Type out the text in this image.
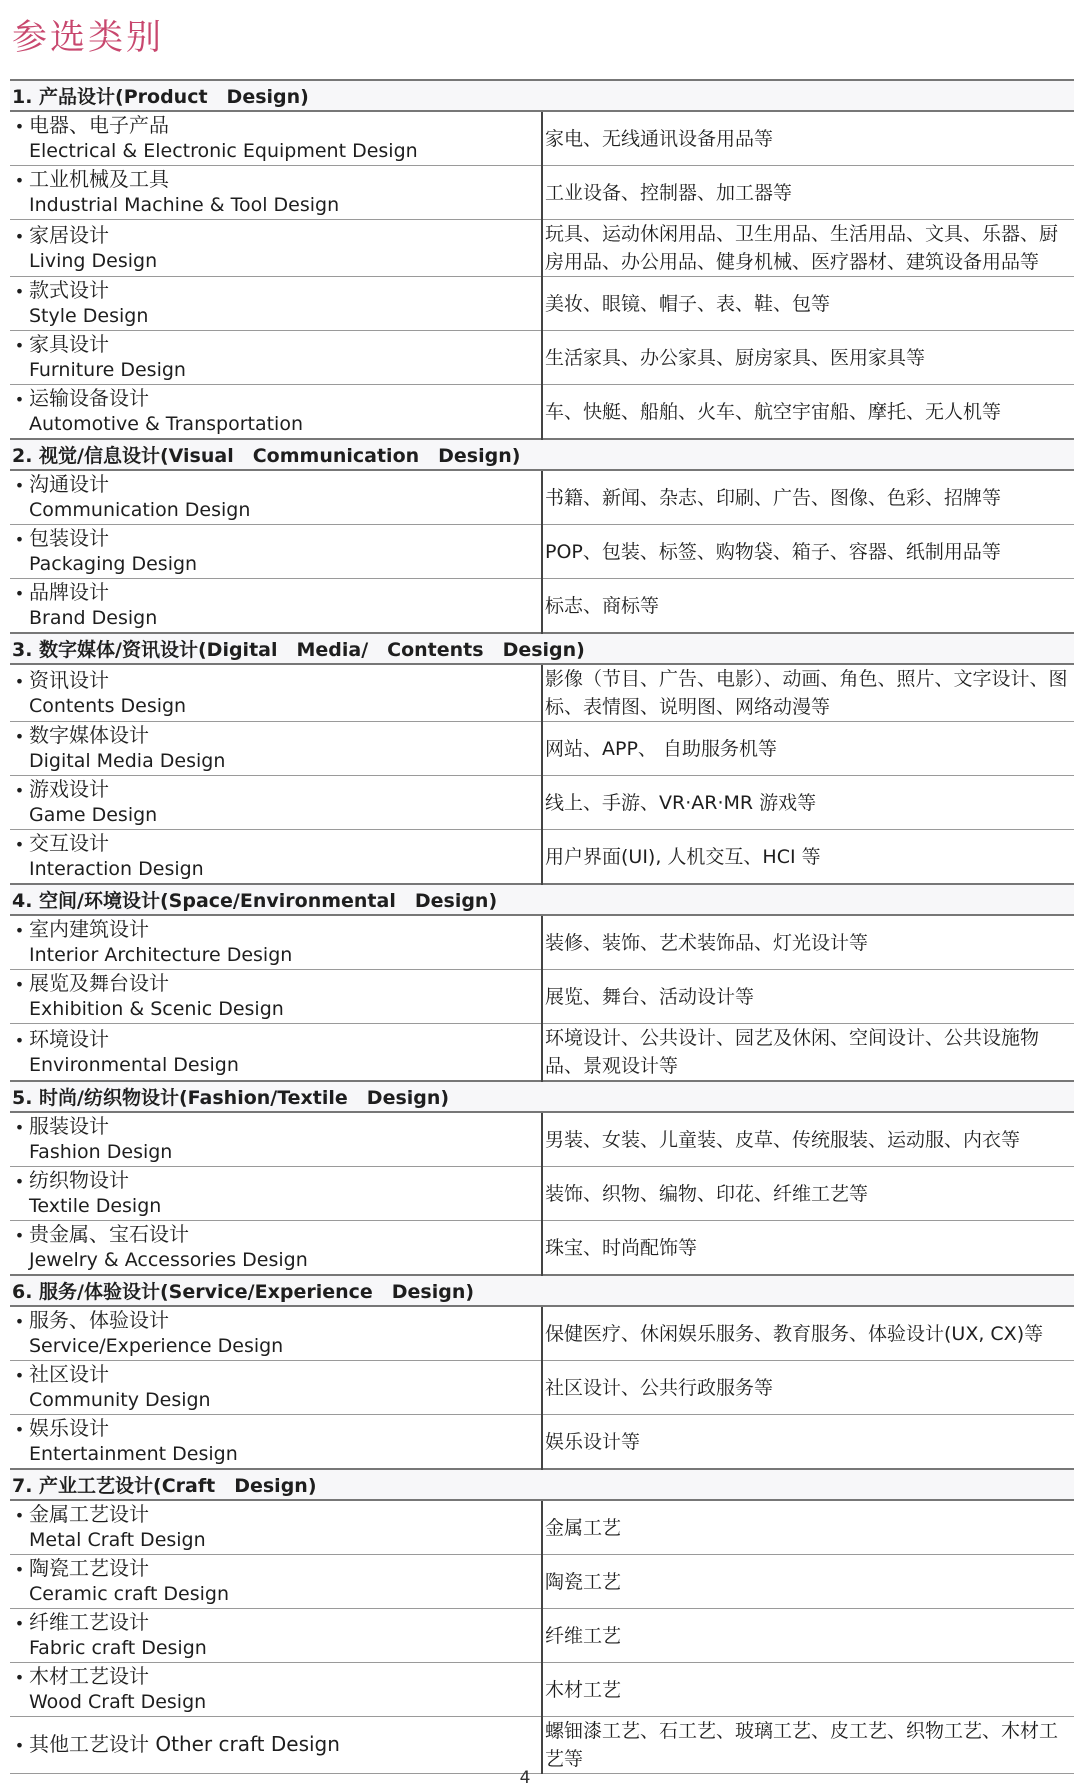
参选类别
1. 产品设计(Product　Design)	

• 电器、电子产品
Electrical & Electronic Equipment Design	家电、无线通讯设备用品等

• 工业机械及工具
Industrial Machine & Tool Design	工业设备、控制器、加工器等

• 家居设计
Living Design	玩具、运动休闲用品、卫生用品、生活用品、文具、乐器、厨房用品、办公用品、健身机械、医疗器材、建筑设备用品等

• 款式设计
Style Design	美妆、眼镜、帽子、表、鞋、包等

• 家具设计
Furniture Design	生活家具、办公家具、厨房家具、医用家具等

• 运输设备设计
Automotive & Transportation	车、快艇、船舶、火车、航空宇宙船、摩托、无人机等
2. 视觉/信息设计(Visual　Communication　Design)	

• 沟通设计
Communication Design	书籍、新闻、杂志、印刷、广告、图像、色彩、招牌等

• 包装设计
Packaging Design	POP、包装、标签、购物袋、箱子、容器、纸制用品等

• 品牌设计
Brand Design	标志、商标等
3. 数字媒体/资讯设计(Digital　Media/　Contents　Design)	

• 资讯设计
Contents Design	影像（节目、广告、电影）、动画、角色、照片、文字设计、图标、表情图、说明图、网络动漫等

• 数字媒体设计
Digital Media Design	网站、APP、 自助服务机等

• 游戏设计
Game Design	线上、手游、VR·AR·MR 游戏等

• 交互设计
Interaction Design	用户界面(UI), 人机交互、HCI 等
4. 空间/环境设计(Space/Environmental　Design)	

• 室内建筑设计
Interior Architecture Design	装修、装饰、艺术装饰品、灯光设计等

• 展览及舞台设计
Exhibition & Scenic Design	展览、舞台、活动设计等

• 环境设计
Environmental Design	环境设计、公共设计、园艺及休闲、空间设计、公共设施物品、景观设计等
5. 时尚/纺织物设计(Fashion/Textile　Design)	

• 服装设计
Fashion Design	男装、女装、儿童装、皮草、传统服装、运动服、内衣等

• 纺织物设计
Textile Design	装饰、织物、编物、印花、纤维工艺等

• 贵金属、宝石设计
Jewelry & Accessories Design	珠宝、时尚配饰等
6. 服务/体验设计(Service/Experience　Design)	

• 服务、体验设计
Service/Experience Design	保健医疗、休闲娱乐服务、教育服务、体验设计(UX, CX)等

• 社区设计
Community Design	社区设计、公共行政服务等

• 娱乐设计
Entertainment Design	娱乐设计等
7. 产业工艺设计(Craft　Design)	

• 金属工艺设计
Metal Craft Design	金属工艺

• 陶瓷工艺设计
Ceramic craft Design	陶瓷工艺

• 纤维工艺设计
Fabric craft Design	纤维工艺

• 木材工艺设计
Wood Craft Design	木材工艺

• 其他工艺设计 Other craft Design	螺钿漆工艺、石工艺、玻璃工艺、皮工艺、织物工艺、木材工艺等
4
